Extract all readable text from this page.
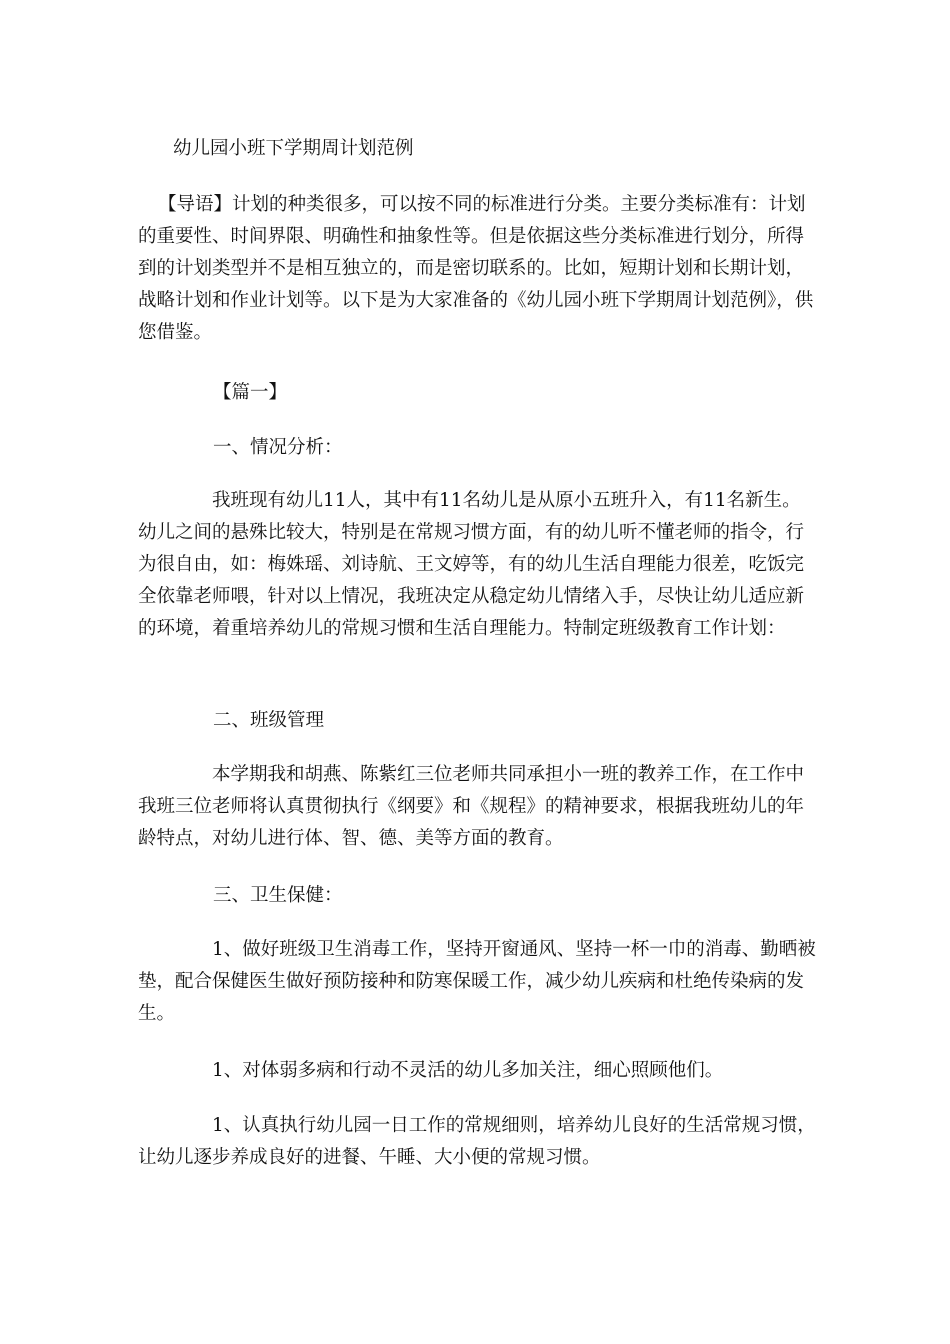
幼儿园小班下学期周计划范例

【导语】计划的种类很多，可以按不同的标准进行分类。主要分类标准有：计划的重要性、时间界限、明确性和抽象性等。但是依据这些分类标准进行划分，所得到的计划类型并不是相互独立的，而是密切联系的。比如，短期计划和长期计划，战略计划和作业计划等。以下是为大家准备的《幼儿园小班下学期周计划范例》，供您借鉴。

【篇一】

一、情况分析：

我班现有幼儿11人，其中有11名幼儿是从原小五班升入，有11名新生。幼儿之间的悬殊比较大，特别是在常规习惯方面，有的幼儿听不懂老师的指令，行为很自由，如：梅姝瑶、刘诗航、王文婷等，有的幼儿生活自理能力很差，吃饭完全依靠老师喂，针对以上情况，我班决定从稳定幼儿情绪入手，尽快让幼儿适应新的环境，着重培养幼儿的常规习惯和生活自理能力。特制定班级教育工作计划：

二、班级管理

本学期我和胡燕、陈紫红三位老师共同承担小一班的教养工作，在工作中我班三位老师将认真贯彻执行《纲要》和《规程》的精神要求，根据我班幼儿的年龄特点，对幼儿进行体、智、德、美等方面的教育。

三、卫生保健：

1、做好班级卫生消毒工作，坚持开窗通风、坚持一杯一巾的消毒、勤晒被垫，配合保健医生做好预防接种和防寒保暖工作，减少幼儿疾病和杜绝传染病的发生。

1、对体弱多病和行动不灵活的幼儿多加关注，细心照顾他们。

1、认真执行幼儿园一日工作的常规细则，培养幼儿良好的生活常规习惯，让幼儿逐步养成良好的进餐、午睡、大小便的常规习惯。
